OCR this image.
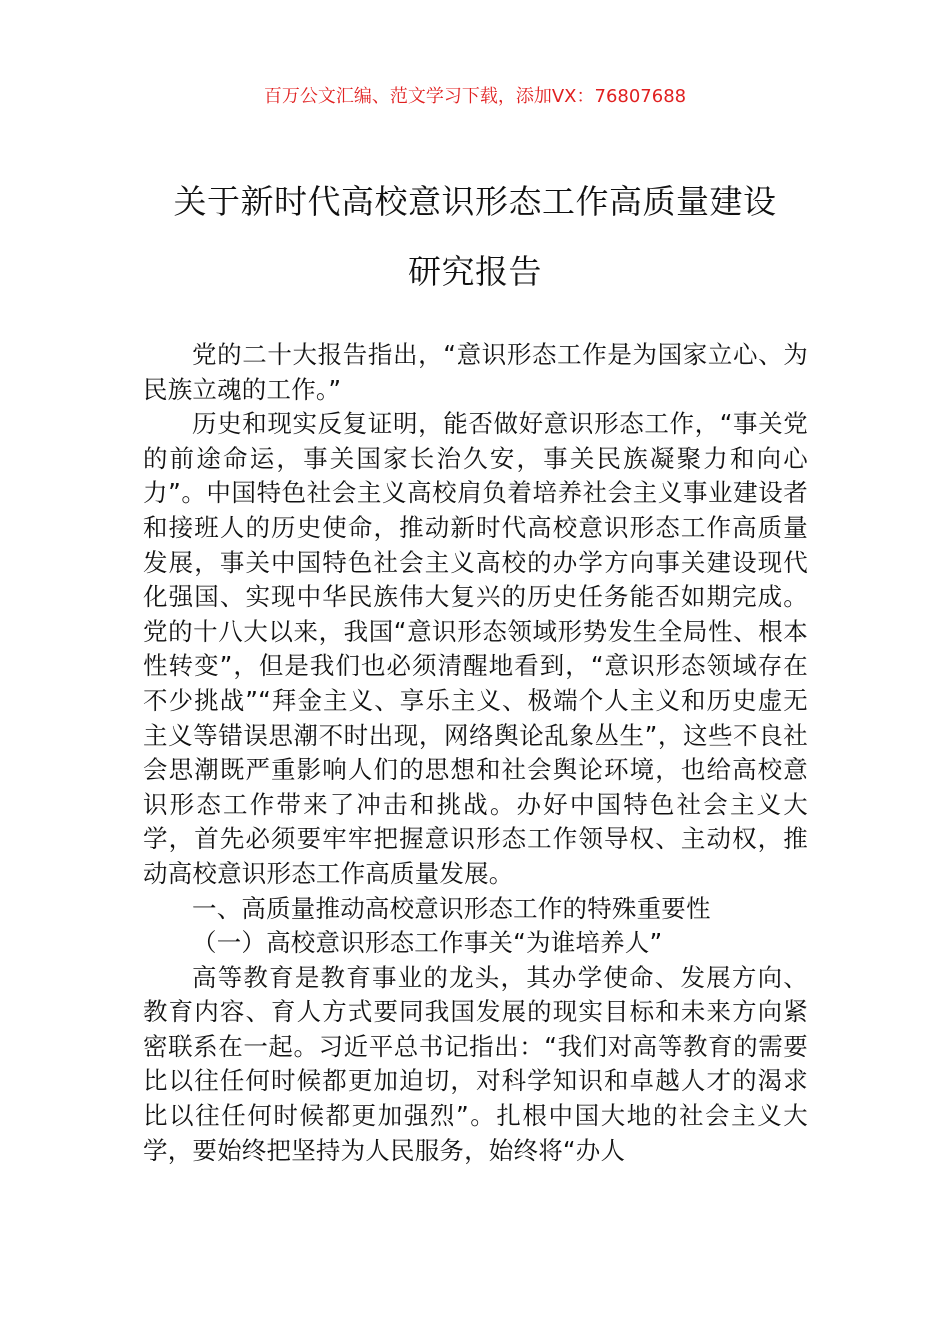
百万公文汇编、范文学习下载，添加VX：76807688
关于新时代高校意识形态工作高质量建设
研究报告

党的二十大报告指出，“意识形态工作是为国家立心、为民族立魂的工作。”

历史和现实反复证明，能否做好意识形态工作，“事关党的前途命运，事关国家长治久安，事关民族凝聚力和向心力”。中国特色社会主义高校肩负着培养社会主义事业建设者和接班人的历史使命，推动新时代高校意识形态工作高质量发展，事关中国特色社会主义高校的办学方向事关建设现代化强国、实现中华民族伟大复兴的历史任务能否如期完成。党的十八大以来，我国“意识形态领域形势发生全局性、根本性转变”，但是我们也必须清醒地看到，“意识形态领域存在不少挑战”“拜金主义、享乐主义、极端个人主义和历史虚无主义等错误思潮不时出现，网络舆论乱象丛生”，这些不良社会思潮既严重影响人们的思想和社会舆论环境，也给高校意识形态工作带来了冲击和挑战。办好中国特色社会主义大学，首先必须要牢牢把握意识形态工作领导权、主动权，推动高校意识形态工作高质量发展。

一、高质量推动高校意识形态工作的特殊重要性

（一）高校意识形态工作事关“为谁培养人”

高等教育是教育事业的龙头，其办学使命、发展方向、教育内容、育人方式要同我国发展的现实目标和未来方向紧密联系在一起。习近平总书记指出：“我们对高等教育的需要比以往任何时候都更加迫切，对科学知识和卓越人才的渴求比以往任何时候都更加强烈”。扎根中国大地的社会主义大学，要始终把坚持为人民服务，始终将“办人
